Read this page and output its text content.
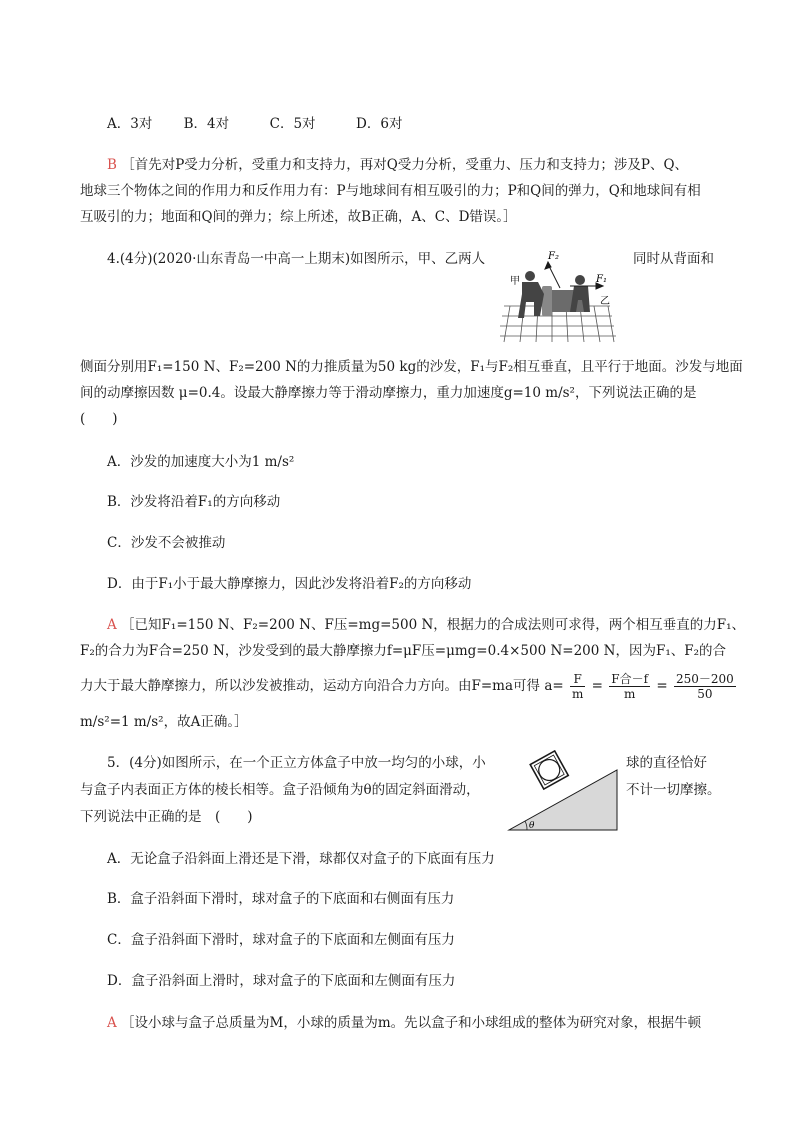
A．3对　　 B．4对　　　C．5对　　　D．6对
B ［首先对P受力分析，受重力和支持力，再对Q受力分析，受重力、压力和支持力；涉及P、Q、
地球三个物体之间的作用力和反作用力有：P与地球间有相互吸引的力；P和Q间的弹力，Q和地球间有相
互吸引的力；地面和Q间的弹力；综上所述，故B正确，A、C、D错误。］
4.(4分)(2020·山东青岛一中高一上期末)如图所示，甲、乙两人	同时从背面和
F₂
F₁
甲
乙
侧面分别用F₁=150 N、F₂=200 N的力推质量为50 kg的沙发，F₁与F₂相互垂直，且平行于地面。沙发与地面
间的动摩擦因数 μ=0.4。设最大静摩擦力等于滑动摩擦力，重力加速度g=10 m/s²，下列说法正确的是
(　　)
A．沙发的加速度大小为1 m/s²
B．沙发将沿着F₁的方向移动
C．沙发不会被推动
D．由于F₁小于最大静摩擦力，因此沙发将沿着F₂的方向移动
A ［已知F₁=150 N、F₂=200 N、F压=mg=500 N，根据力的合成法则可求得，两个相互垂直的力F₁、
F₂的合力为F合=250 N，沙发受到的最大静摩擦力f=μF压=μmg=0.4×500 N=200 N，因为F₁、F₂的合
力大于最大静摩擦力，所以沙发被推动，运动方向沿合力方向。由F=ma可得 $a= \frac{F}{m} = \frac{\text{F合－f}}{m} = \frac{250-200}{50}$
m/s²=1 m/s²，故A正确。］
5．(4分)如图所示，在一个正立方体盒子中放一均匀的小球，小	球的直径恰好
与盒子内表面正方体的棱长相等。盒子沿倾角为θ的固定斜面滑动，	不计一切摩擦。
下列说法中正确的是　(　　)
θ
A．无论盒子沿斜面上滑还是下滑，球都仅对盒子的下底面有压力
B．盒子沿斜面下滑时，球对盒子的下底面和右侧面有压力
C．盒子沿斜面下滑时，球对盒子的下底面和左侧面有压力
D．盒子沿斜面上滑时，球对盒子的下底面和左侧面有压力
A ［设小球与盒子总质量为M，小球的质量为m。先以盒子和小球组成的整体为研究对象，根据牛顿
